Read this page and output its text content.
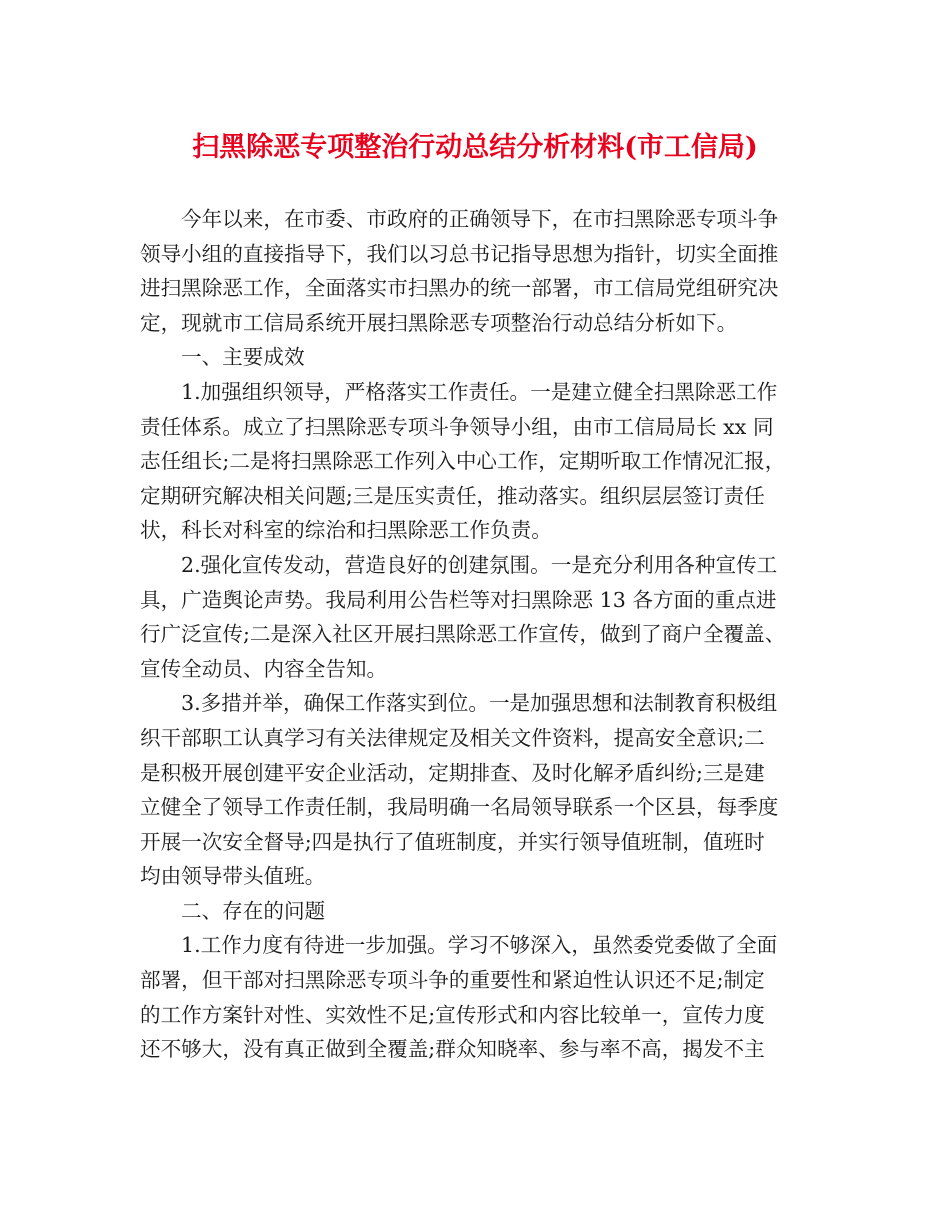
扫黑除恶专项整治行动总结分析材料(市工信局)
今年以来，在市委、市政府的正确领导下，在市扫黑除恶专项斗争
领导小组的直接指导下，我们以习总书记指导思想为指针，切实全面推
进扫黑除恶工作，全面落实市扫黑办的统一部署，市工信局党组研究决
定，现就市工信局系统开展扫黑除恶专项整治行动总结分析如下。
一、主要成效
1.加强组织领导，严格落实工作责任。一是建立健全扫黑除恶工作
责任体系。成立了扫黑除恶专项斗争领导小组，由市工信局局长 xx 同
志任组长;二是将扫黑除恶工作列入中心工作，定期听取工作情况汇报，
定期研究解决相关问题;三是压实责任，推动落实。组织层层签订责任
状，科长对科室的综治和扫黑除恶工作负责。
2.强化宣传发动，营造良好的创建氛围。一是充分利用各种宣传工
具，广造舆论声势。我局利用公告栏等对扫黑除恶 13 各方面的重点进
行广泛宣传;二是深入社区开展扫黑除恶工作宣传，做到了商户全覆盖、
宣传全动员、内容全告知。
3.多措并举，确保工作落实到位。一是加强思想和法制教育积极组
织干部职工认真学习有关法律规定及相关文件资料，提高安全意识;二
是积极开展创建平安企业活动，定期排查、及时化解矛盾纠纷;三是建
立健全了领导工作责任制，我局明确一名局领导联系一个区县，每季度
开展一次安全督导;四是执行了值班制度，并实行领导值班制，值班时
均由领导带头值班。
二、存在的问题
1.工作力度有待进一步加强。学习不够深入，虽然委党委做了全面
部署，但干部对扫黑除恶专项斗争的重要性和紧迫性认识还不足;制定
的工作方案针对性、实效性不足;宣传形式和内容比较单一，宣传力度
还不够大，没有真正做到全覆盖;群众知晓率、参与率不高，揭发不主
